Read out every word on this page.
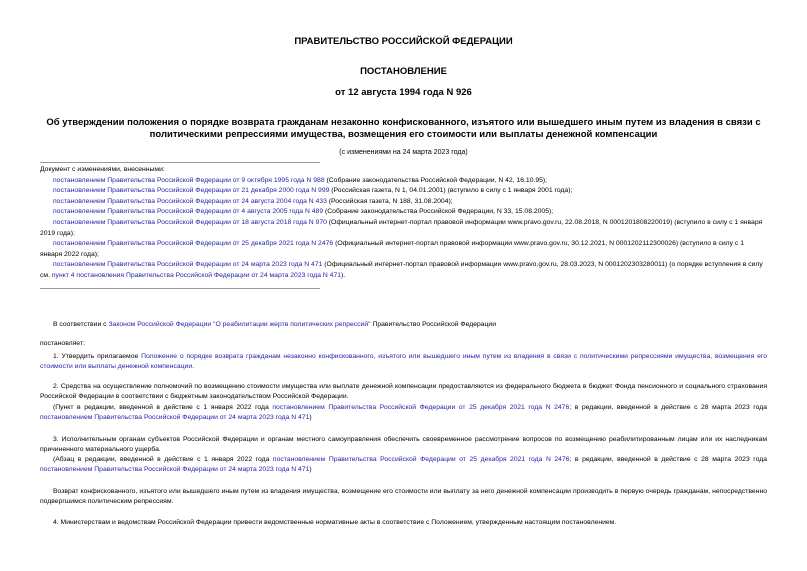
ПРАВИТЕЛЬСТВО РОССИЙСКОЙ ФЕДЕРАЦИИ
ПОСТАНОВЛЕНИЕ
от 12 августа 1994 года N 926
Об утверждении положения о порядке возврата гражданам незаконно конфискованного, изъятого или вышедшего иным путем из владения в связи с политическими репрессиями имущества, возмещения его стоимости или выплаты денежной компенсации
(с изменениями на 24 марта 2023 года)
Документ с изменениями, внесенными:
постановлением Правительства Российской Федерации от 9 октября 1995 года N 988 (Собрание законодательства Российской Федерации, N 42, 16.10.95);
постановлением Правительства Российской Федерации от 21 декабря 2000 года N 999 (Российская газета, N 1, 04.01.2001) (вступило в силу с 1 января 2001 года);
постановлением Правительства Российской Федерации от 24 августа 2004 года N 433 (Российская газета, N 188, 31.08.2004);
постановлением Правительства Российской Федерации от 4 августа 2005 года N 489 (Собрание законодательства Российской Федерации, N 33, 15.08.2005);
постановлением Правительства Российской Федерации от 18 августа 2018 года N 970 (Официальный интернет-портал правовой информации www.pravo.gov.ru, 22.08.2018, N 0001201808220019) (вступило в силу с 1 января 2019 года);
постановлением Правительства Российской Федерации от 25 декабря 2021 года N 2476 (Официальный интернет-портал правовой информации www.pravo.gov.ru, 30.12.2021, N 0001202112300026) (вступило в силу с 1 января 2022 года);
постановлением Правительства Российской Федерации от 24 марта 2023 года N 471 (Официальный интернет-портал правовой информации www.pravo.gov.ru, 28.03.2023, N 0001202303280011) (о порядке вступления в силу см. пункт 4 постановления Правительства Российской Федерации от 24 марта 2023 года N 471).
В соответствии с Законом Российской Федерации "О реабилитации жертв политических репрессий" Правительство Российской Федерации
постановляет:
1. Утвердить прилагаемое Положение о порядке возврата гражданам незаконно конфискованного, изъятого или вышедшего иным путем из владения в связи с политическими репрессиями имущества, возмещения его стоимости или выплаты денежной компенсации.
2. Средства на осуществление полномочий по возмещению стоимости имущества или выплате денежной компенсации предоставляются из федерального бюджета в бюджет Фонда пенсионного и социального страхования Российской Федерации в соответствии с бюджетным законодательством Российской Федерации.
(Пункт в редакции, введенной в действие с 1 января 2022 года постановлением Правительства Российской Федерации от 25 декабря 2021 года N 2476; в редакции, введенной в действие с 28 марта 2023 года постановлением Правительства Российской Федерации от 24 марта 2023 года N 471)
3. Исполнительным органам субъектов Российской Федерации и органам местного самоуправления обеспечить своевременное рассмотрение вопросов по возмещению реабилитированным лицам или их наследникам причиненного материального ущерба.
(Абзац в редакции, введенной в действие с 1 января 2022 года постановлением Правительства Российской Федерации от 25 декабря 2021 года N 2476; в редакции, введенной в действие с 28 марта 2023 года постановлением Правительства Российской Федерации от 24 марта 2023 года N 471)
Возврат конфискованного, изъятого или вышедшего иным путем из владения имущества, возмещение его стоимости или выплату за него денежной компенсации производить в первую очередь гражданам, непосредственно подвергшимся политическим репрессиям.
4. Министерствам и ведомствам Российской Федерации привести ведомственные нормативные акты в соответствие с Положением, утвержденным настоящим постановлением.
